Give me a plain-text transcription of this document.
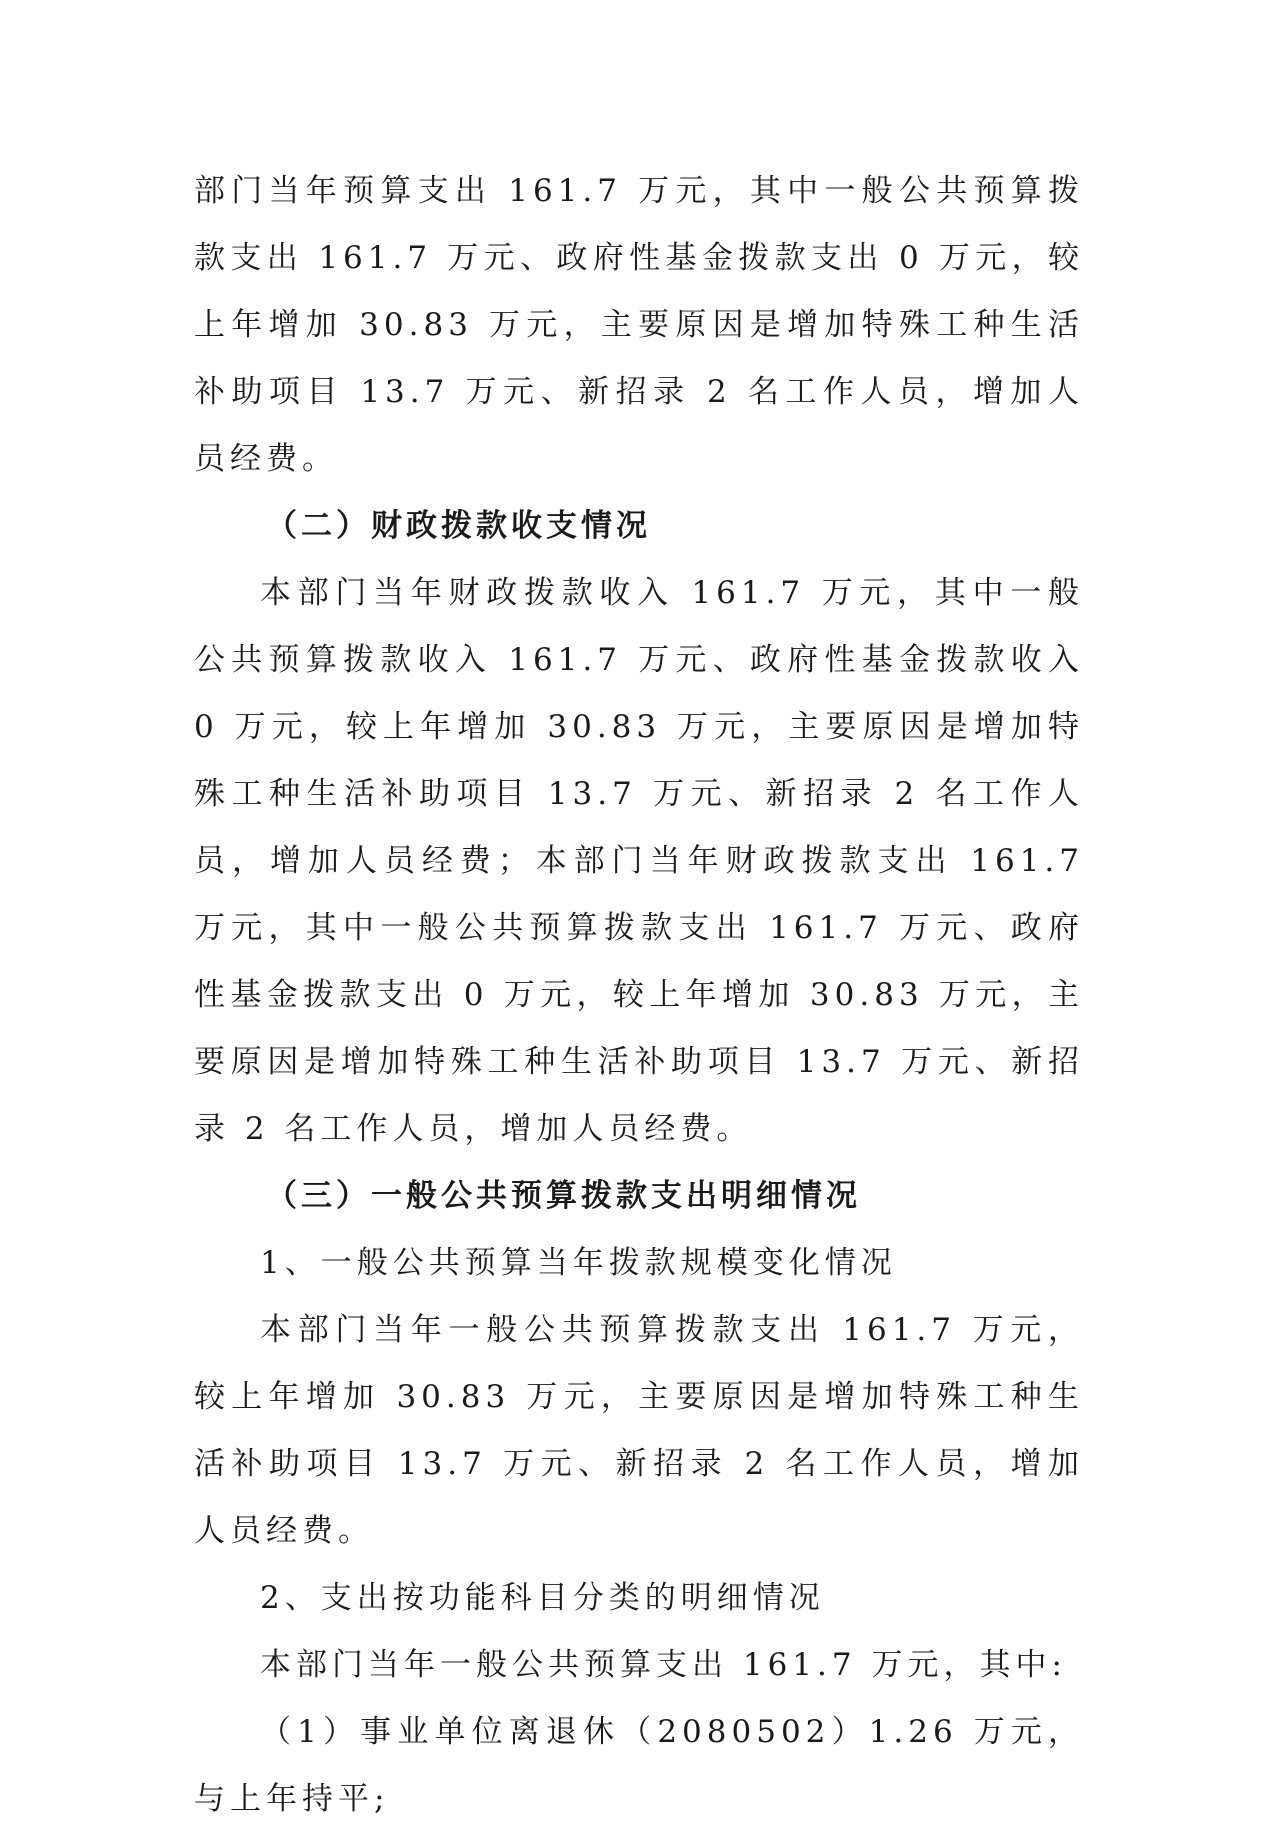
部门当年预算支出 161.7 万元，其中一般公共预算拨款支出 161.7 万元、政府性基金拨款支出 0 万元，较上年增加 30.83 万元，主要原因是增加特殊工种生活补助项目 13.7 万元、新招录 2 名工作人员，增加人员经费。

（二）财政拨款收支情况

本部门当年财政拨款收入 161.7 万元，其中一般公共预算拨款收入 161.7 万元、政府性基金拨款收入 0 万元，较上年增加 30.83 万元，主要原因是增加特殊工种生活补助项目 13.7 万元、新招录 2 名工作人员，增加人员经费；本部门当年财政拨款支出 161.7 万元，其中一般公共预算拨款支出 161.7 万元、政府性基金拨款支出 0 万元，较上年增加 30.83 万元，主要原因是增加特殊工种生活补助项目 13.7 万元、新招录 2 名工作人员，增加人员经费。

（三）一般公共预算拨款支出明细情况

1、一般公共预算当年拨款规模变化情况

本部门当年一般公共预算拨款支出 161.7 万元，较上年增加 30.83 万元，主要原因是增加特殊工种生活补助项目 13.7 万元、新招录 2 名工作人员，增加人员经费。

2、支出按功能科目分类的明细情况

本部门当年一般公共预算支出 161.7 万元，其中:

（1）事业单位离退休（2080502）1.26 万元，与上年持平;
